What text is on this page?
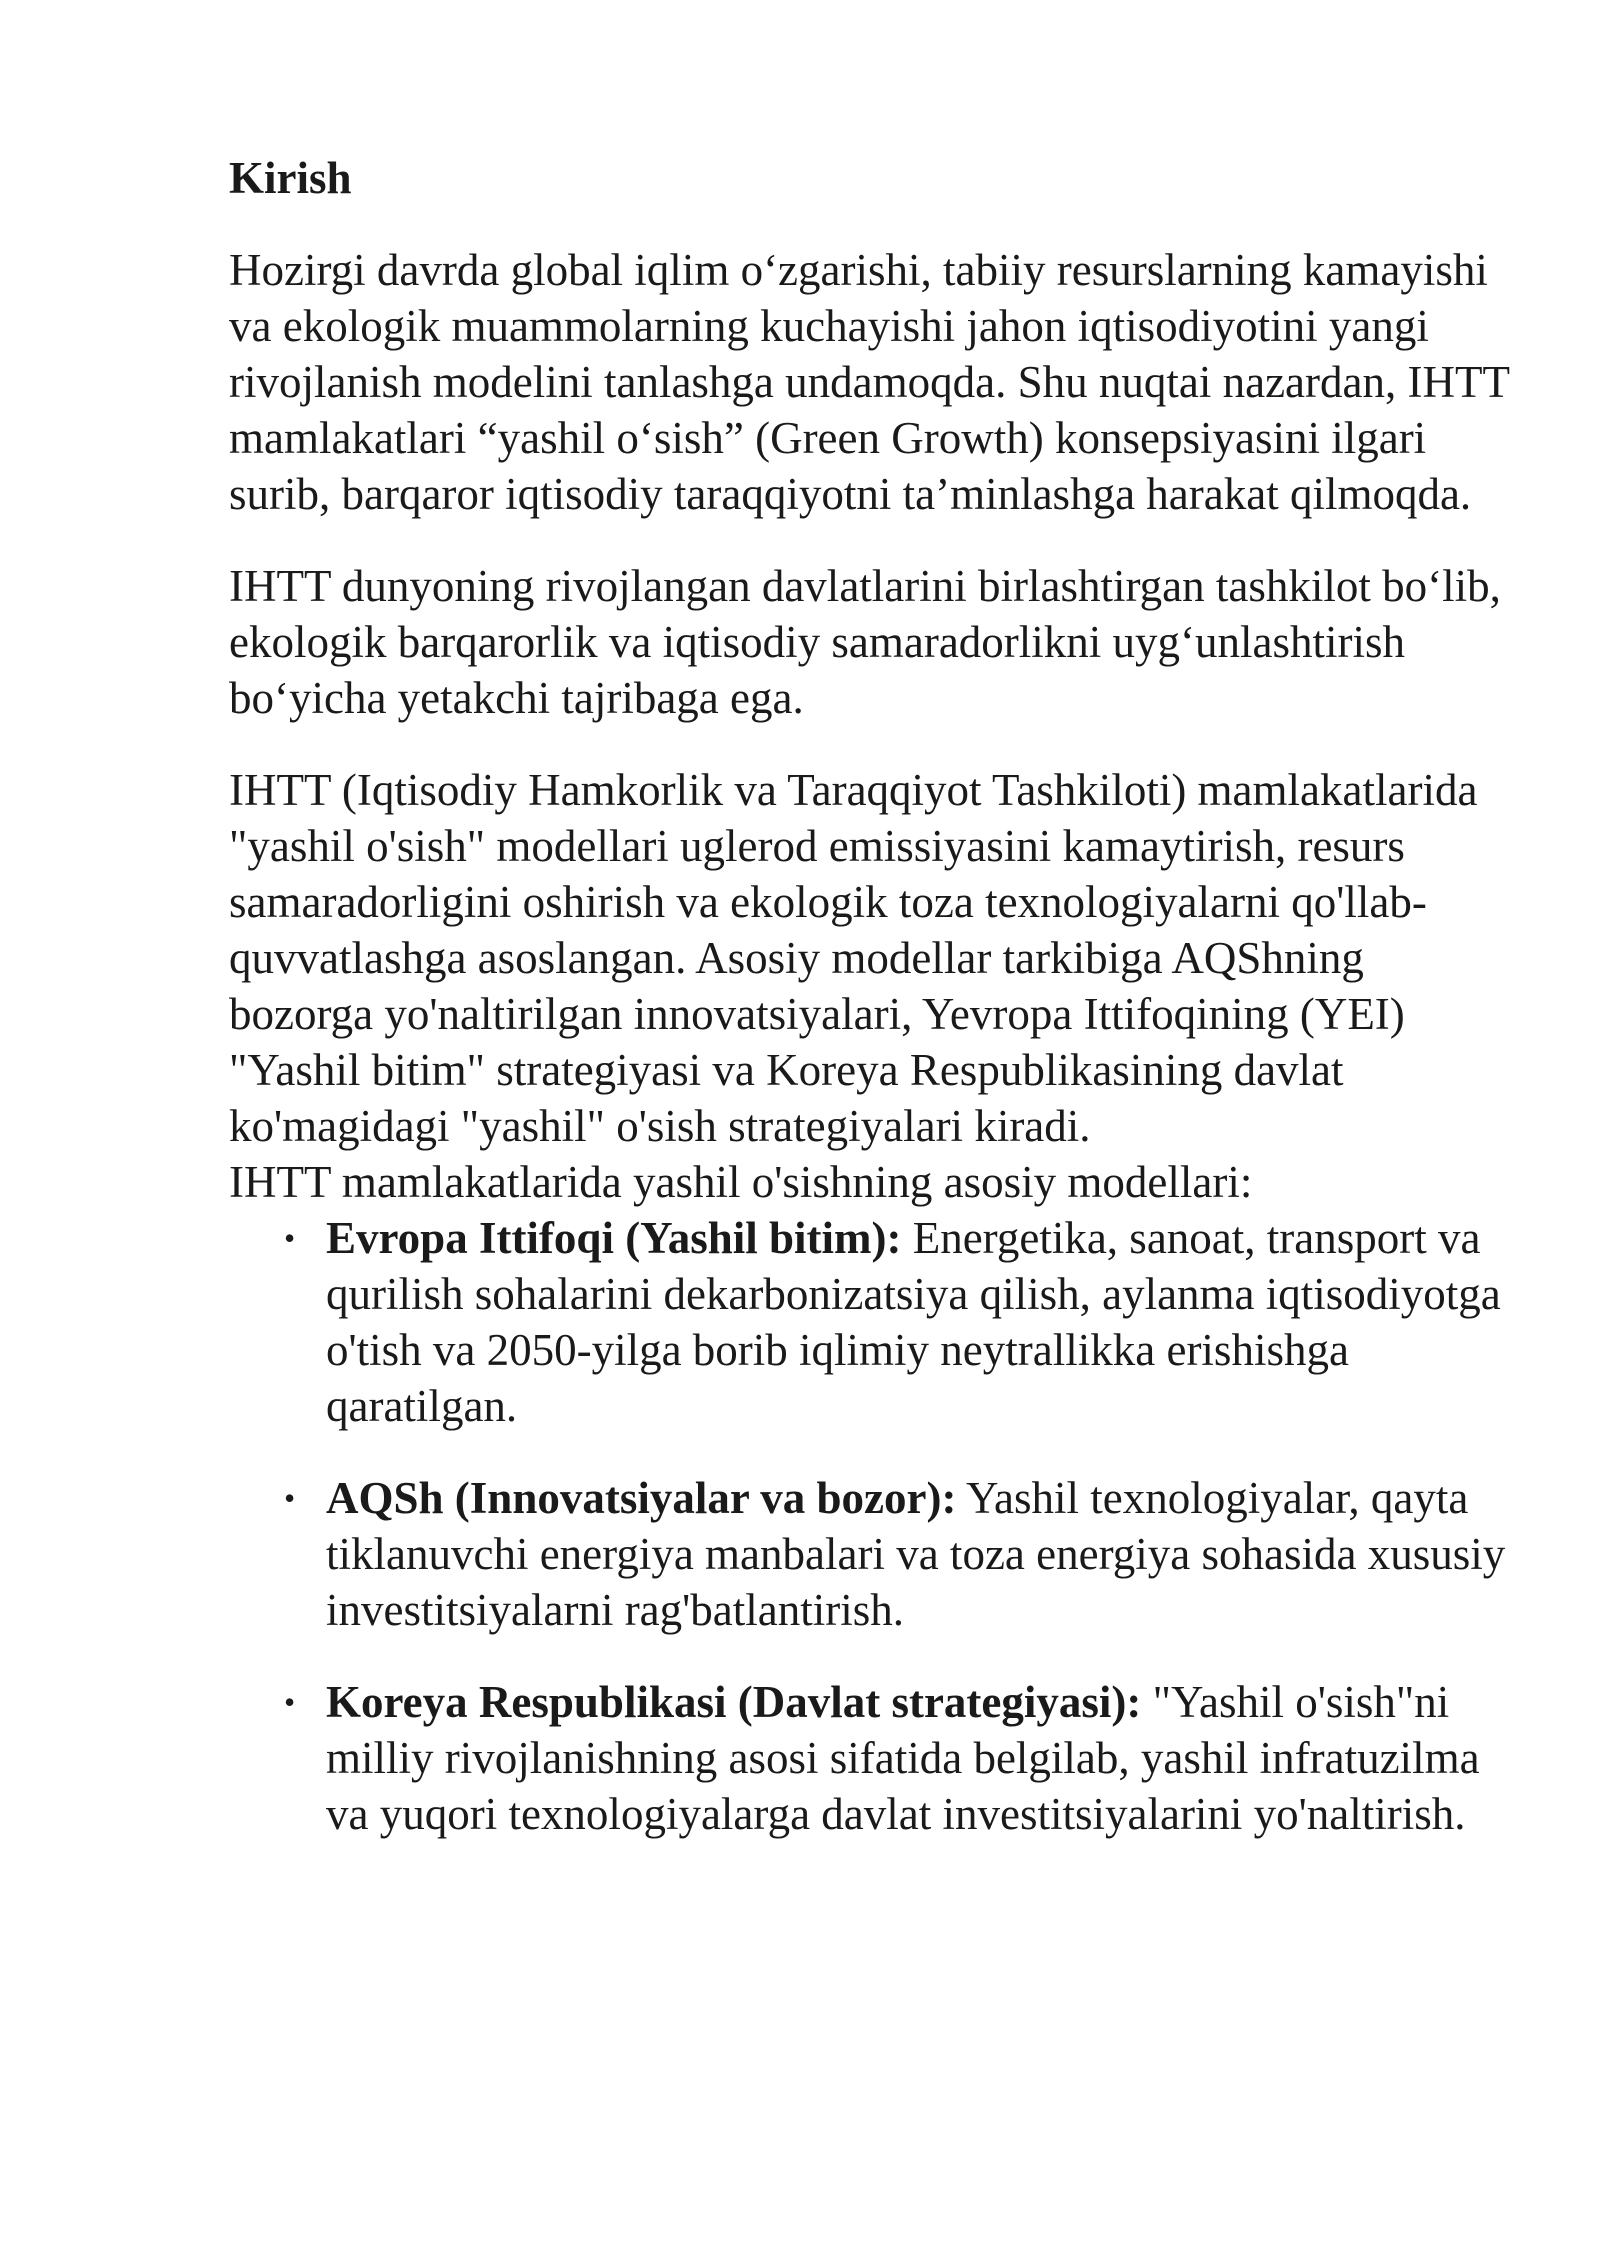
Kirish

Hozirgi davrda global iqlim o‘zgarishi, tabiiy resurslarning kamayishi va ekologik muammolarning kuchayishi jahon iqtisodiyotini yangi rivojlanish modelini tanlashga undamoqda. Shu nuqtai nazardan, IHTT mamlakatlari “yashil o‘sish” (Green Growth) konsepsiyasini ilgari surib, barqaror iqtisodiy taraqqiyotni ta’minlashga harakat qilmoqda.

IHTT dunyoning rivojlangan davlatlarini birlashtirgan tashkilot bo‘lib, ekologik barqarorlik va iqtisodiy samaradorlikni uyg‘unlashtirish bo‘yicha yetakchi tajribaga ega.

IHTT (Iqtisodiy Hamkorlik va Taraqqiyot Tashkiloti) mamlakatlarida "yashil o'sish" modellari uglerod emissiyasini kamaytirish, resurs samaradorligini oshirish va ekologik toza texnologiyalarni qo'llab-quvvatlashga asoslangan. Asosiy modellar tarkibiga AQShning bozorga yo'naltirilgan innovatsiyalari, Yevropa Ittifoqining (YEI) "Yashil bitim" strategiyasi va Koreya Respublikasining davlat ko'magidagi "yashil" o'sish strategiyalari kiradi.

IHTT mamlakatlarida yashil o'sishning asosiy modellari:

• Evropa Ittifoqi (Yashil bitim): Energetika, sanoat, transport va qurilish sohalarini dekarbonizatsiya qilish, aylanma iqtisodiyotga o'tish va 2050-yilga borib iqlimiy neytrallikka erishishga qaratilgan.
• AQSh (Innovatsiyalar va bozor): Yashil texnologiyalar, qayta tiklanuvchi energiya manbalari va toza energiya sohasida xususiy investitsiyalarni rag'batlantirish.
• Koreya Respublikasi (Davlat strategiyasi): "Yashil o'sish"ni milliy rivojlanishning asosi sifatida belgilab, yashil infratuzilma va yuqori texnologiyalarga davlat investitsiyalarini yo'naltirish.
